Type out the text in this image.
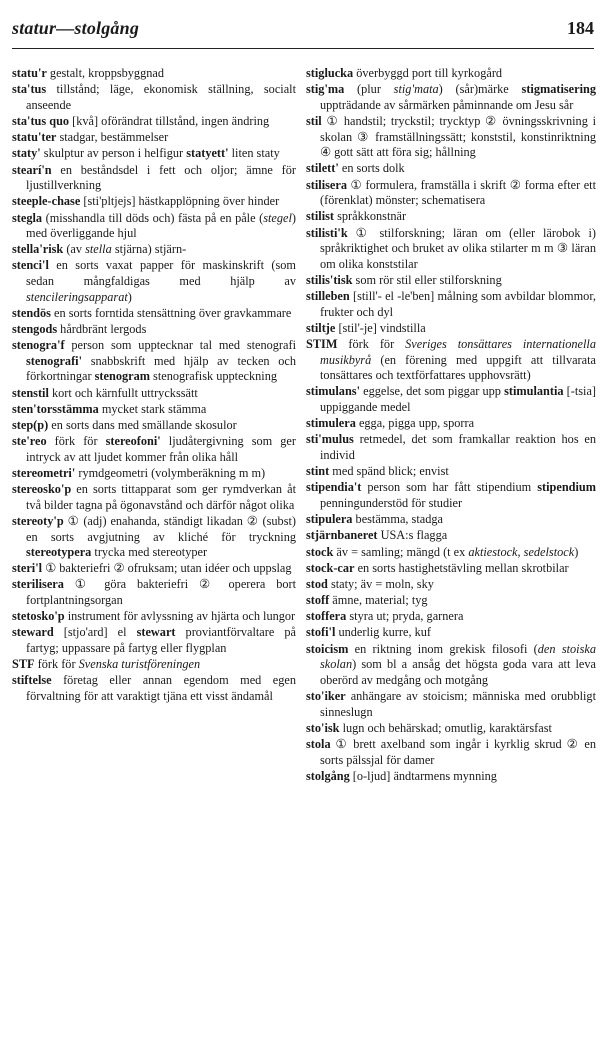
statur—stolgång	184

statu'r gestalt, kroppsbyggnad

sta'tus tillstånd; läge, ekonomisk ställning, socialt anseende

sta'tus quo [kvå] oförändrat tillstånd, ingen ändring

statu'ter stadgar, bestämmelser

staty' skulptur av person i helfigur statyett' liten staty

stearí'n en beståndsdel i fett och oljor; ämne för ljustillverkning

steeple-chase [sti'pltjejs] hästkapplöpning över hinder

stegla (misshandla till döds och) fästa på en påle (stegel) med överliggande hjul

stella'risk (av stella stjärna) stjärn-

stenci'l en sorts vaxat papper för maskinskrift (som sedan mångfaldigas med hjälp av stencileringsapparat)

stendös en sorts forntida stensättning över gravkammare

stengods hårdbränt lergods

stenogra'f person som upptecknar tal med stenografi stenografi' snabbskrift med hjälp av tecken och förkortningar stenogram stenografisk uppteckning

stenstil kort och kärnfullt uttryckssätt

sten'torsstämma mycket stark stämma

step(p) en sorts dans med smällande skosulor

ste'reo förk för stereofoni' ljudåtergivning som ger intryck av att ljudet kommer från olika håll

stereometri' rymdgeometri (volymberäkning m m)

stereosko'p en sorts tittapparat som ger rymdverkan åt två bilder tagna på ögonavstånd och därför något olika

stereoty'p ① (adj) enahanda, ständigt likadan ② (subst) en sorts avgjutning av kliché för tryckning stereotypera trycka med stereotyper

steri'l ① bakteriefri ② ofruksam; utan idéer och uppslag

sterilisera ① göra bakteriefri ② operera bort fortplantningsorgan

stetosko'p instrument för avlyssning av hjärta och lungor

steward [stjo'ard] el stewart proviantförvaltare på fartyg; uppassare på fartyg eller flygplan

STF förk för Svenska turistföreningen

stiftelse företag eller annan egendom med egen förvaltning för att varaktigt tjäna ett visst ändamål

stiglucka överbyggd port till kyrkogård

stig'ma (plur stig'mata) (sår)märke stigmatisering uppträdande av sårmärken påminnande om Jesu sår

stil ① handstil; tryckstil; trycktyp ② övningsskrivning i skolan ③ framställningssätt; konststil, konstinriktning ④ gott sätt att föra sig; hållning

stilett' en sorts dolk

stilisera ① formulera, framställa i skrift ② forma efter ett (förenklat) mönster; schematisera

stilist språkkonstnär

stilisti'k ① stilforskning; läran om (eller lärobok i) språkriktighet och bruket av olika stilarter m m ③ läran om olika konststilar

stilis'tisk som rör stil eller stilforskning

stilleben [still'- el -le'ben] målning som avbildar blommor, frukter och dyl

stiltje [stil'-je] vindstilla

STIM förk för Sveriges tonsättares internationella musikbyrå (en förening med uppgift att tillvarata tonsättares och textförfattares upphovsrätt)

stimulans' eggelse, det som piggar upp stimulantia [-tsia] uppiggande medel

stimulera egga, pigga upp, sporra

sti'mulus retmedel, det som framkallar reaktion hos en individ

stint med spänd blick; envist

stipendia't person som har fått stipendium stipendium penningunderstöd för studier

stipulera bestämma, stadga

stjärnbaneret USA:s flagga

stock äv = samling; mängd (t ex aktiestock, sedelstock)

stock-car en sorts hastighetstävling mellan skrotbilar

stod staty; äv = moln, sky

stoff ämne, material; tyg

stoffera styra ut; pryda, garnera

stofi'l underlig kurre, kuf

stoicism en riktning inom grekisk filosofi (den stoiska skolan) som bl a ansåg det högsta goda vara att leva oberörd av medgång och motgång

sto'iker anhängare av stoicism; människa med orubbligt sinneslugn

sto'isk lugn och behärskad; omutlig, karaktärsfast

stola ① brett axelband som ingår i kyrklig skrud ② en sorts pälssjal för damer

stolgång [o-ljud] ändtarmens mynning
